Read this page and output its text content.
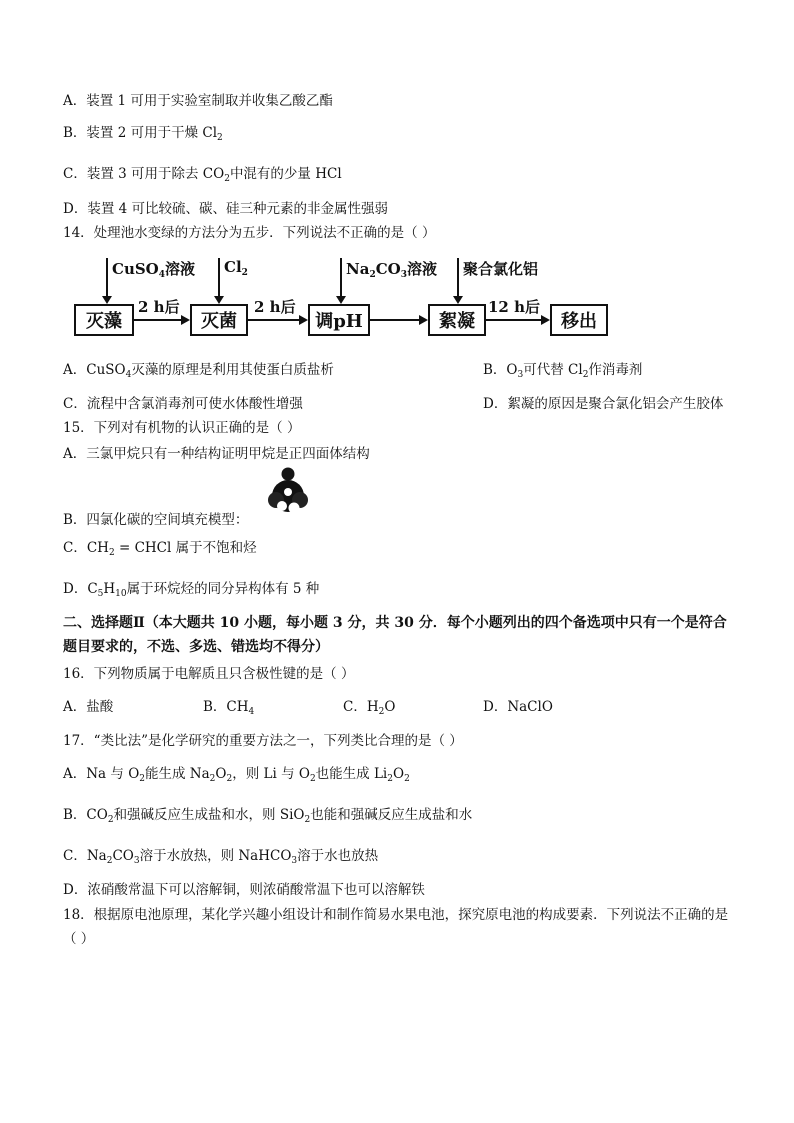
A．装置 1 可用于实验室制取并收集乙酸乙酯
B．装置 2 可用于干燥 $Cl_2$
C．装置 3 可用于除去 $CO_2$中混有的少量 HCl
D．装置 4 可比较硫、碳、硅三种元素的非金属性强弱
14．处理池水变绿的方法分为五步．下列说法不正确的是（ ）
CuSO$_4$溶液 $Cl_2$	$Na_2CO_3$溶液 聚合氯化铝
灭藻	灭菌	调pH	絮凝	移出
2 h后	2 h后	12 h后
A．CuSO$_4$灭藻的原理是利用其使蛋白质盐析	B．$O_3$可代替 $Cl_2$作消毒剂
C．流程中含氯消毒剂可使水体酸性增强	D．絮凝的原因是聚合氯化铝会产生胶体
15．下列对有机物的认识正确的是（ ）
A．三氯甲烷只有一种结构证明甲烷是正四面体结构
B．四氯化碳的空间填充模型：
C．$CH_2$ = CHCl 属于不饱和烃
D．$C_5H_{10}$属于环烷烃的同分异构体有 5 种
二、选择题Ⅱ（本大题共 10 小题，每小题 3 分，共 30 分．每个小题列出的四个备选项中只有一个是符合题目要求的，不选、多选、错选均不得分）
16．下列物质属于电解质且只含极性键的是（ ）
A．盐酸	B．$CH_4$	C．$H_2O$	D．NaClO
17．“类比法”是化学研究的重要方法之一，下列类比合理的是（ ）
A．Na 与 $O_2$能生成 $Na_2O_2$，则 Li 与 $O_2$也能生成 $Li_2O_2$
B．$CO_2$和强碱反应生成盐和水，则 SiO$_2$也能和强碱反应生成盐和水
C．$Na_2CO_3$溶于水放热，则 NaHCO$_3$溶于水也放热
D．浓硝酸常温下可以溶解铜，则浓硝酸常温下也可以溶解铁
18．根据原电池原理，某化学兴趣小组设计和制作简易水果电池，探究原电池的构成要素．下列说法不正确的是（ ）
